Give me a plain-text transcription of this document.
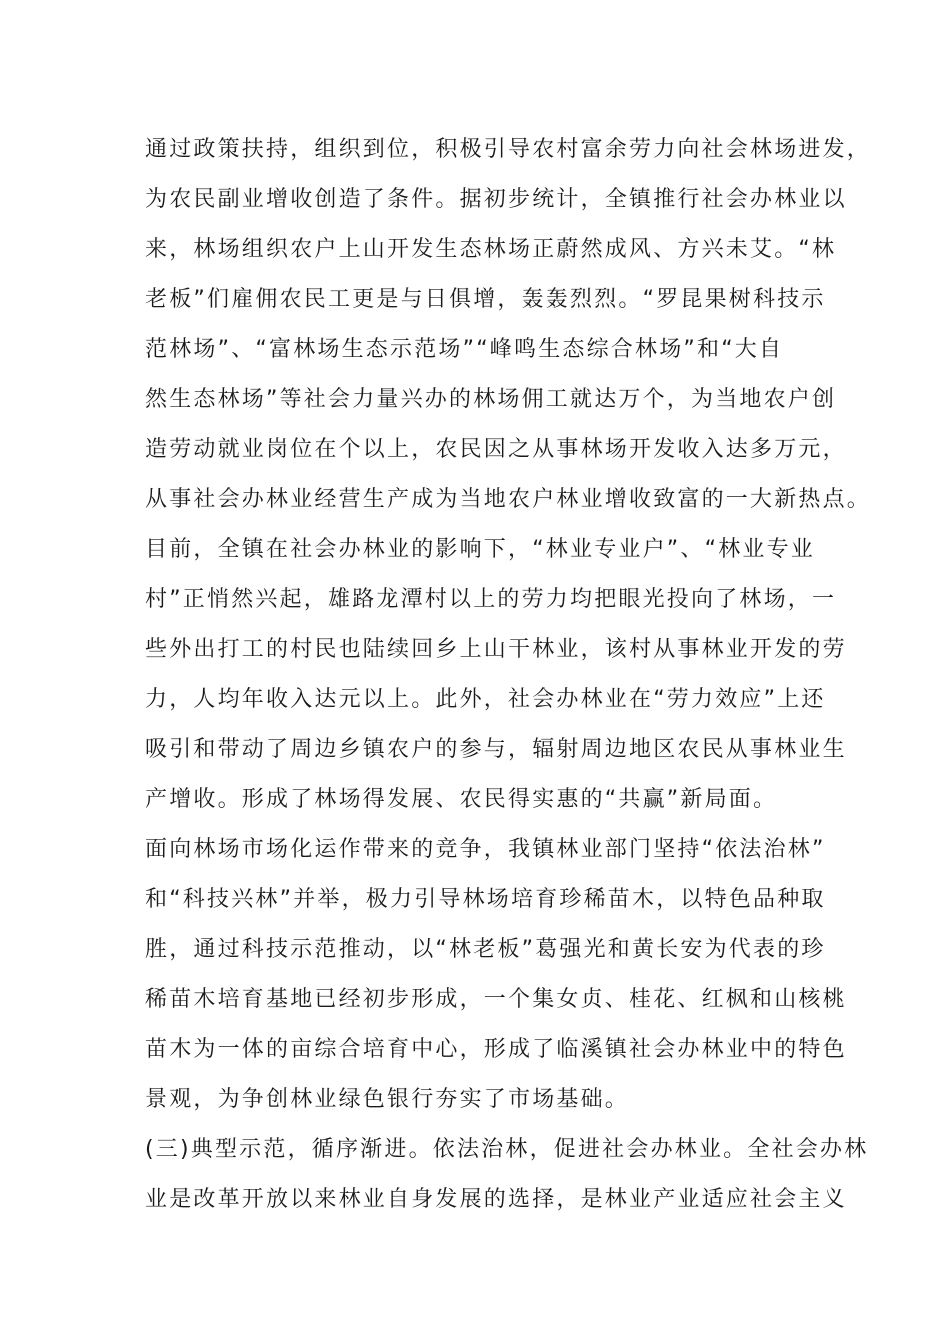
通过政策扶持，组织到位，积极引导农村富余劳力向社会林场进发，
为农民副业增收创造了条件。据初步统计，全镇推行社会办林业以
来，林场组织农户上山开发生态林场正蔚然成风、方兴未艾。“林
老板”们雇佣农民工更是与日俱增，轰轰烈烈。“罗昆果树科技示
范林场”、“富林场生态示范场”“峰鸣生态综合林场”和“大自
然生态林场”等社会力量兴办的林场佣工就达万个，为当地农户创
造劳动就业岗位在个以上，农民因之从事林场开发收入达多万元，
从事社会办林业经营生产成为当地农户林业增收致富的一大新热点。
目前，全镇在社会办林业的影响下，“林业专业户”、“林业专业
村”正悄然兴起，雄路龙潭村以上的劳力均把眼光投向了林场，一
些外出打工的村民也陆续回乡上山干林业，该村从事林业开发的劳
力，人均年收入达元以上。此外，社会办林业在“劳力效应”上还
吸引和带动了周边乡镇农户的参与，辐射周边地区农民从事林业生
产增收。形成了林场得发展、农民得实惠的“共赢”新局面。
面向林场市场化运作带来的竞争，我镇林业部门坚持“依法治林”
和“科技兴林”并举，极力引导林场培育珍稀苗木，以特色品种取
胜，通过科技示范推动，以“林老板”葛强光和黄长安为代表的珍
稀苗木培育基地已经初步形成，一个集女贞、桂花、红枫和山核桃
苗木为一体的亩综合培育中心，形成了临溪镇社会办林业中的特色
景观，为争创林业绿色银行夯实了市场基础。
(三)典型示范，循序渐进。依法治林，促进社会办林业。全社会办林
业是改革开放以来林业自身发展的选择，是林业产业适应社会主义
